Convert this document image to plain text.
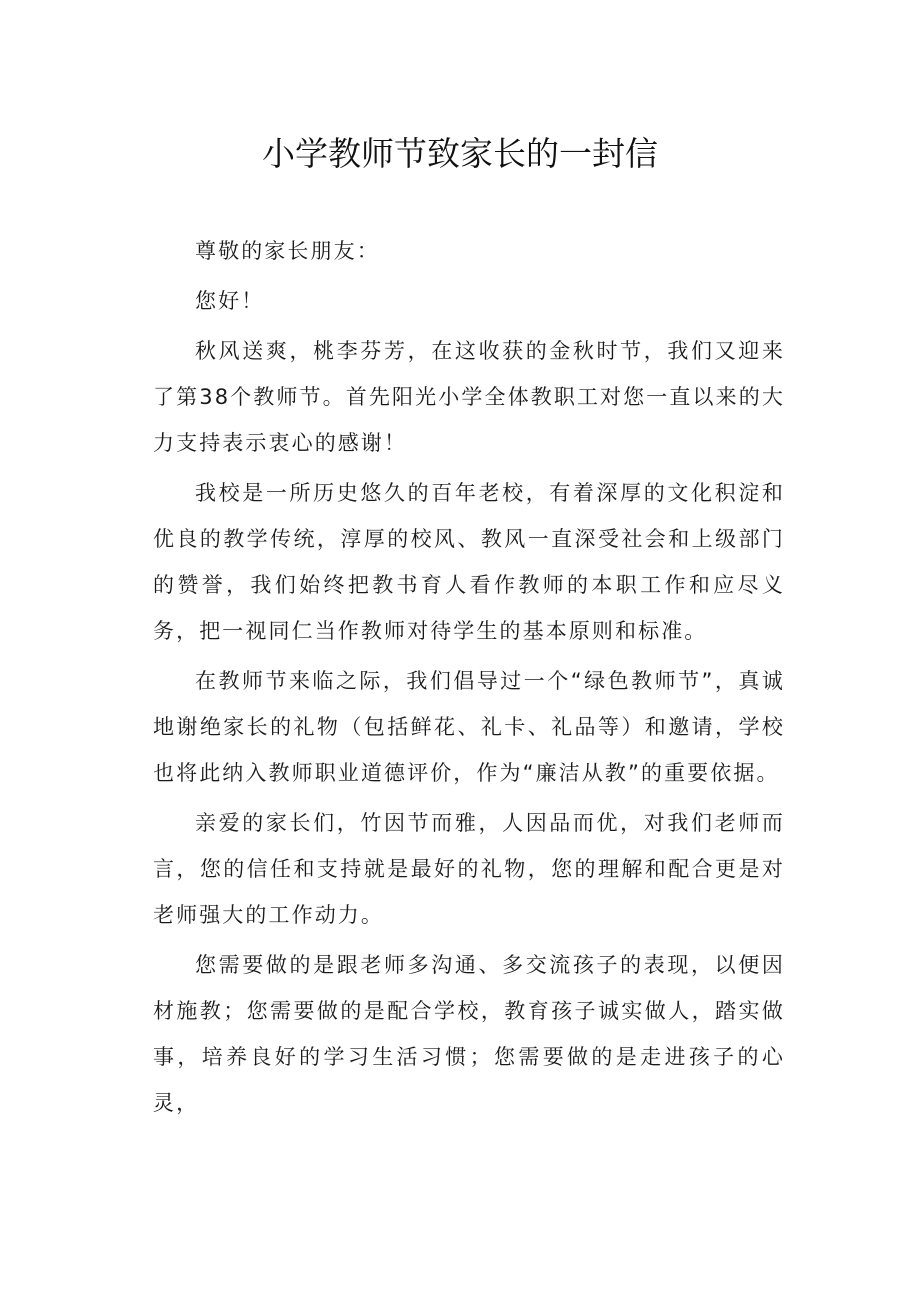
小学教师节致家长的一封信

尊敬的家长朋友：

您好！

秋风送爽，桃李芬芳，在这收获的金秋时节，我们又迎来了第38个教师节。首先阳光小学全体教职工对您一直以来的大力支持表示衷心的感谢！

我校是一所历史悠久的百年老校，有着深厚的文化积淀和优良的教学传统，淳厚的校风、教风一直深受社会和上级部门的赞誉，我们始终把教书育人看作教师的本职工作和应尽义务，把一视同仁当作教师对待学生的基本原则和标准。

在教师节来临之际，我们倡导过一个“绿色教师节”，真诚地谢绝家长的礼物（包括鲜花、礼卡、礼品等）和邀请，学校也将此纳入教师职业道德评价，作为“廉洁从教”的重要依据。

亲爱的家长们，竹因节而雅，人因品而优，对我们老师而言，您的信任和支持就是最好的礼物，您的理解和配合更是对老师强大的工作动力。

您需要做的是跟老师多沟通、多交流孩子的表现，以便因材施教；您需要做的是配合学校，教育孩子诚实做人，踏实做事，培养良好的学习生活习惯；您需要做的是走进孩子的心灵，
